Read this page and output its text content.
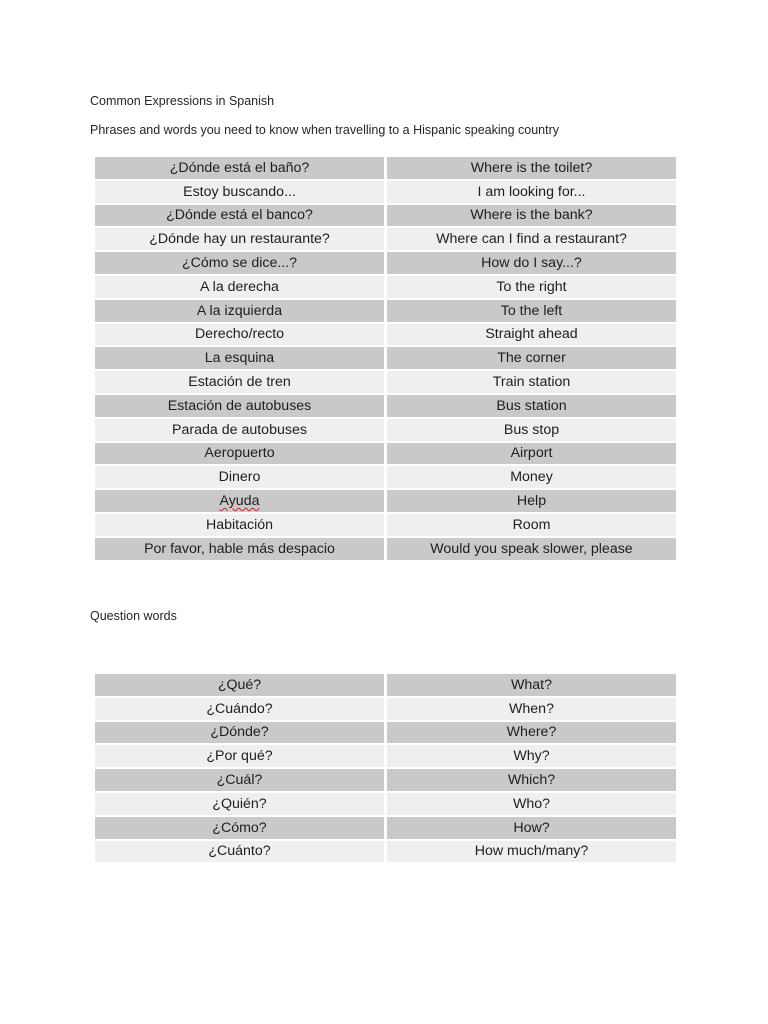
Common Expressions in Spanish
Phrases and words you need to know when travelling to a Hispanic speaking country
¿Dónde está el baño?	Where is the toilet?
Estoy buscando...	I am looking for...
¿Dónde está el banco?	Where is the bank?
¿Dónde hay un restaurante?	Where can I find a restaurant?
¿Cómo se dice...?	How do I say...?
A la derecha	To the right
A la izquierda	To the left
Derecho/recto	Straight ahead
La esquina	The corner
Estación de tren	Train station
Estación de autobuses	Bus station
Parada de autobuses	Bus stop
Aeropuerto	Airport
Dinero	Money
Ayuda	Help
Habitación	Room
Por favor, hable más despacio	Would you speak slower, please
Question words
¿Qué?	What?
¿Cuándo?	When?
¿Dónde?	Where?
¿Por qué?	Why?
¿Cuál?	Which?
¿Quién?	Who?
¿Cómo?	How?
¿Cuánto?	How much/many?
